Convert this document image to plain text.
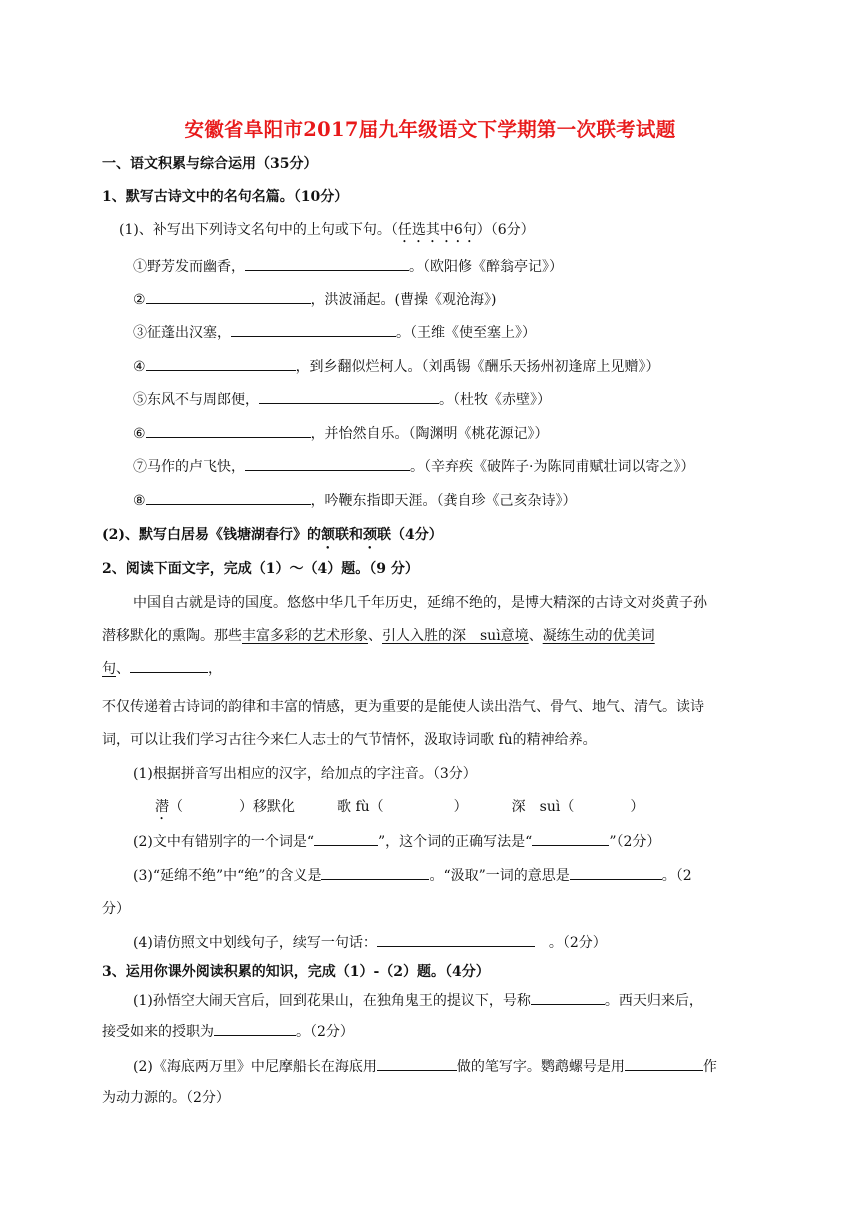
安徽省阜阳市2017届九年级语文下学期第一次联考试题
一、语文积累与综合运用（35分）
1、默写古诗文中的名句名篇。（10分）
(1)、补写出下列诗文名句中的上句或下句。（任选其中6句）（6分）
①野芳发而幽香，	。（欧阳修《醉翁亭记》）
②	，洪波涌起。(曹操《观沧海》)
③征蓬出汉塞，	。（王维《使至塞上》）
④	，到乡翻似烂柯人。（刘禹锡《酬乐天扬州初逢席上见赠》）
⑤东风不与周郎便，	。（杜牧《赤壁》）
⑥	，并怡然自乐。（陶渊明《桃花源记》）
⑦马作的卢飞快，	。（辛弃疾《破阵子·为陈同甫赋壮词以寄之》）
⑧	，吟鞭东指即天涯。（龚自珍《己亥杂诗》）
(2)、默写白居易《钱塘湖春行》的颔联和颈联（4分）
2、阅读下面文字，完成（1）～（4）题。（9 分）
中国自古就是诗的国度。悠悠中华几千年历史，延绵不绝的，是博大精深的古诗文对炎黄子孙
潜移默化的熏陶。那些丰富多彩的艺术形象、引人入胜的深　suì意境、凝练生动的优美词
句、	，
不仅传递着古诗词的韵律和丰富的情感，更为重要的是能使人读出浩气、骨气、地气、清气。读诗
词，可以让我们学习古往今来仁人志士的气节情怀，汲取诗词歌 fù的精神给养。
(1)根据拼音写出相应的汉字，给加点的字注音。（3分）
潜（　　　　）移默化	歌 fù（　　　　　）	深　suì（　　　　）
(2)文中有错别字的一个词是“	”，这个词的正确写法是“	”（2分）
(3)“延绵不绝”中“绝”的含义是	。“汲取”一词的意思是	。（2
分）
(4)请仿照文中划线句子，续写一句话：	　。（2分）
3、运用你课外阅读积累的知识，完成（1）-（2）题。（4分）
(1)孙悟空大闹天宫后，回到花果山，在独角鬼王的提议下，号称	。西天归来后，
接受如来的授职为	。（2分）
(2)《海底两万里》中尼摩船长在海底用	做的笔写字。鹦鹉螺号是用	作
为动力源的。（2分）
